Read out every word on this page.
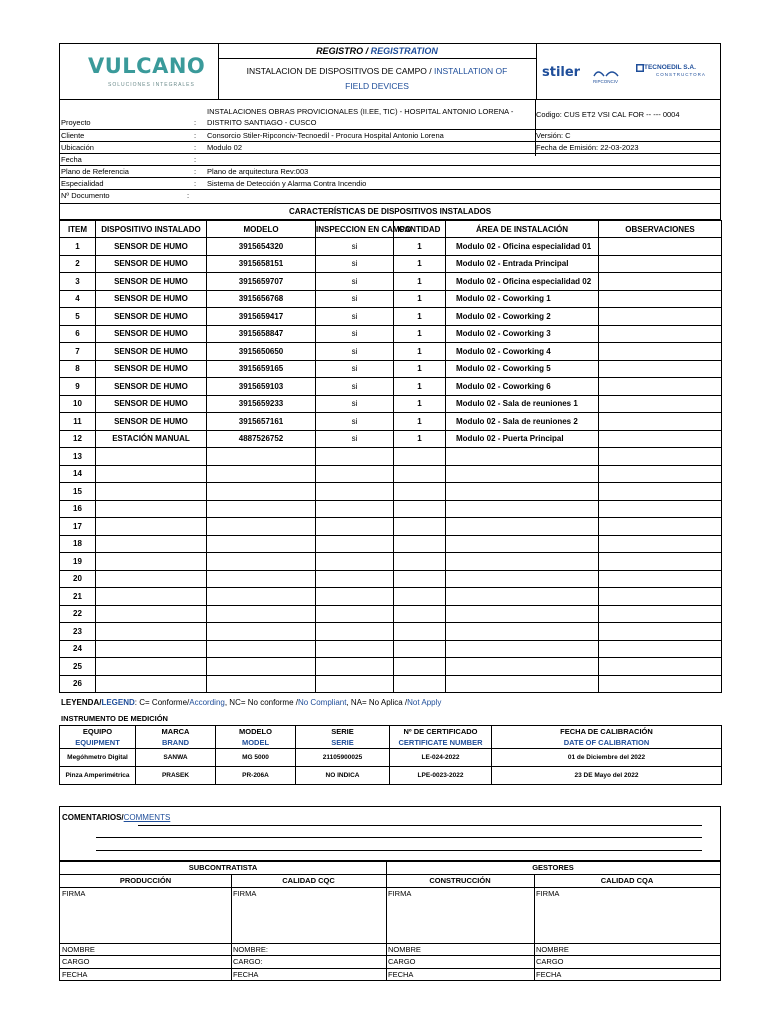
VULCANO
SOLUCIONES INTEGRALES
REGISTRO / REGISTRATION
INSTALACION DE DISPOSITIVOS DE CAMPO / INSTALLATION OF
FIELD DEVICES
stiler
RIPCONCIV
TECNOEDIL S.A.
CONSTRUCTORA
Proyecto	:
INSTALACIONES OBRAS PROVICIONALES (II.EE, TIC) - HOSPITAL ANTONIO LORENA -
DISTRITO SANTIAGO - CUSCO
Codigo: CUS ET2 VSI CAL FOR -- --- 0004
Cliente	: Consorcio Stiler-Ripconciv-Tecnoedil - Procura Hospital Antonio Lorena	Versión: C
Ubicación	: Modulo 02	Fecha de Emisión: 22-03-2023
Fecha	:
Plano de Referencia	: Plano de arquitectura Rev:003
Especialidad	: Sistema de Detección y Alarma Contra Incendio
Nº Documento	:
CARACTERÍSTICAS DE DISPOSITIVOS INSTALADOS
ITEM	DISPOSITIVO INSTALADO	MODELO	INSPECCION EN CAMPO	CANTIDAD	ÁREA DE INSTALACIÓN	OBSERVACIONES
1	SENSOR DE HUMO	3915654320	si	1	Modulo 02 - Oficina especialidad 01	
2	SENSOR DE HUMO	3915658151	si	1	Modulo 02 - Entrada Principal	
3	SENSOR DE HUMO	3915659707	si	1	Modulo 02 - Oficina especialidad 02	
4	SENSOR DE HUMO	3915656768	si	1	Modulo 02 - Coworking 1	
5	SENSOR DE HUMO	3915659417	si	1	Modulo 02 - Coworking 2	
6	SENSOR DE HUMO	3915658847	si	1	Modulo 02 - Coworking 3	
7	SENSOR DE HUMO	3915650650	si	1	Modulo 02 - Coworking 4	
8	SENSOR DE HUMO	3915659165	si	1	Modulo 02 - Coworking 5	
9	SENSOR DE HUMO	3915659103	si	1	Modulo 02 - Coworking 6	
10	SENSOR DE HUMO	3915659233	si	1	Modulo 02 - Sala de reuniones 1	
11	SENSOR DE HUMO	3915657161	si	1	Modulo 02 - Sala de reuniones 2	
12	ESTACIÓN MANUAL	4887526752	si	1	Modulo 02 - Puerta Principal	
13						
14						
15						
16						
17						
18						
19						
20						
21						
22						
23						
24						
25						
26						
LEYENDA/LEGEND: C= Conforme/According, NC= No conforme /No Compliant, NA= No Aplica /Not Apply
INSTRUMENTO DE MEDICIÓN
EQUIPO	MARCA	MODELO	SERIE	Nº DE CERTIFICADO	FECHA DE CALIBRACIÓN
EQUIPMENT	BRAND	MODEL	SERIE	CERTIFICATE NUMBER	DATE OF CALIBRATION
Megóhmetro Digital	SANWA	MG 5000	21105900025	LE-024-2022	01 de Diciembre del 2022
Pinza Amperimétrica	PRASEK	PR-206A	NO INDICA	LPE-0023-2022	23 DE Mayo del 2022
COMENTARIOS/COMMENTS
SUBCONTRATISTA	GESTORES
PRODUCCIÓN	CALIDAD CQC	CONSTRUCCIÓN	CALIDAD CQA
FIRMA	FIRMA	FIRMA	FIRMA
NOMBRE	NOMBRE:	NOMBRE	NOMBRE
CARGO	CARGO:	CARGO	CARGO
FECHA	FECHA	FECHA	FECHA
